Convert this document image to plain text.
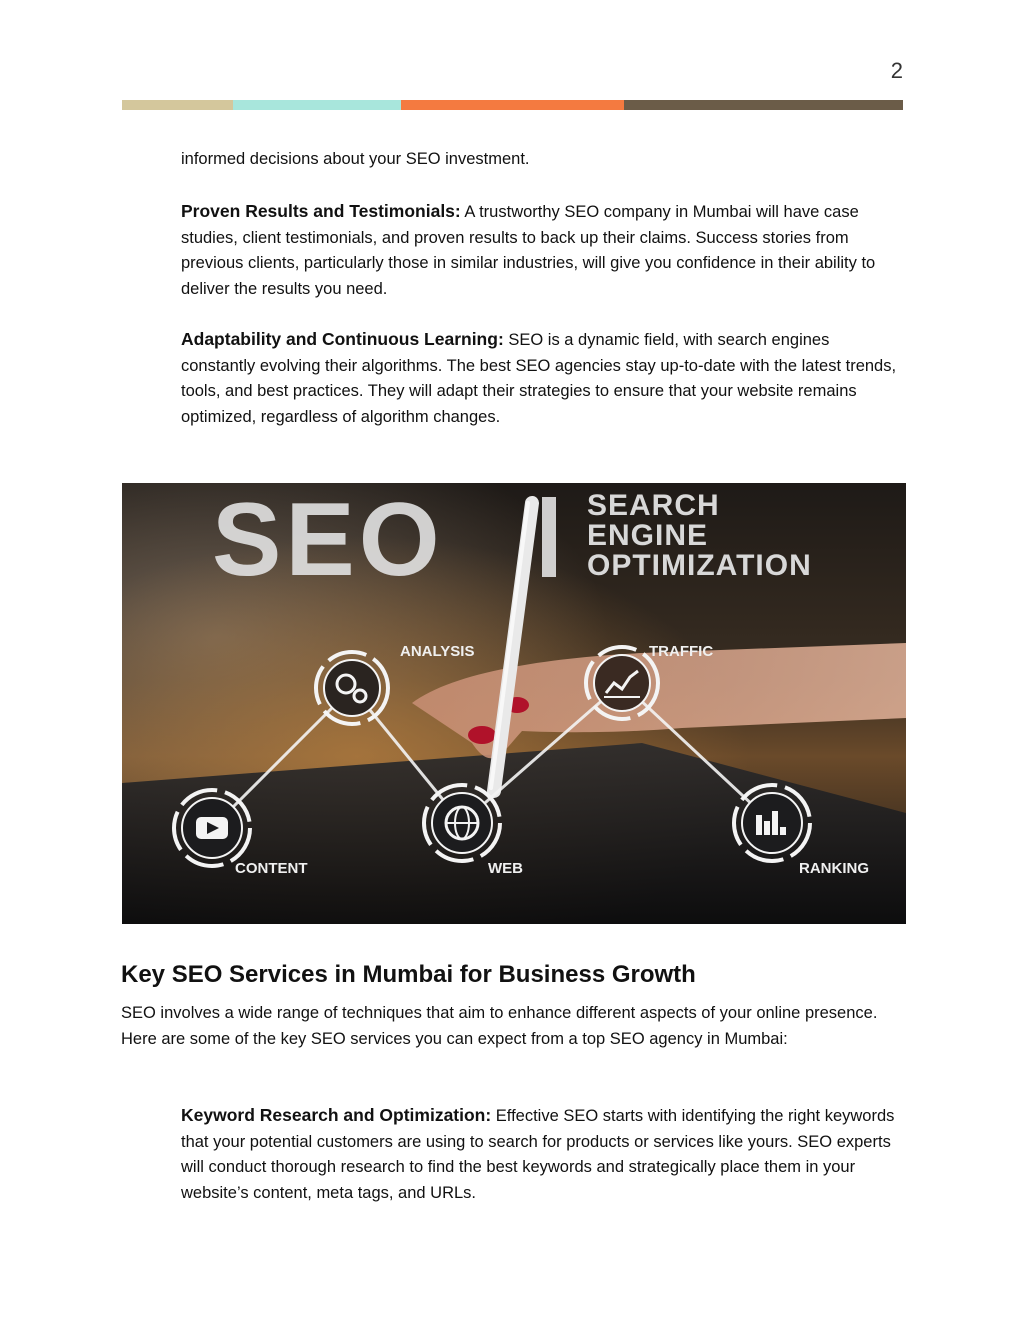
2

informed decisions about your SEO investment.

Proven Results and Testimonials: A trustworthy SEO company in Mumbai will have case studies, client testimonials, and proven results to back up their claims. Success stories from previous clients, particularly those in similar industries, will give you confidence in their ability to deliver the results you need.

Adaptability and Continuous Learning: SEO is a dynamic field, with search engines constantly evolving their algorithms. The best SEO agencies stay up-to-date with the latest trends, tools, and best practices. They will adapt their strategies to ensure that your website remains optimized, regardless of algorithm changes.

SEO	SEARCH
ENGINE
OPTIMIZATION
ANALYSIS	TRAFFIC
CONTENT	WEB	RANKING
Key SEO Services in Mumbai for Business Growth

SEO involves a wide range of techniques that aim to enhance different aspects of your online presence. Here are some of the key SEO services you can expect from a top SEO agency in Mumbai:

Keyword Research and Optimization: Effective SEO starts with identifying the right keywords that your potential customers are using to search for products or services like yours. SEO experts will conduct thorough research to find the best keywords and strategically place them in your website’s content, meta tags, and URLs.
